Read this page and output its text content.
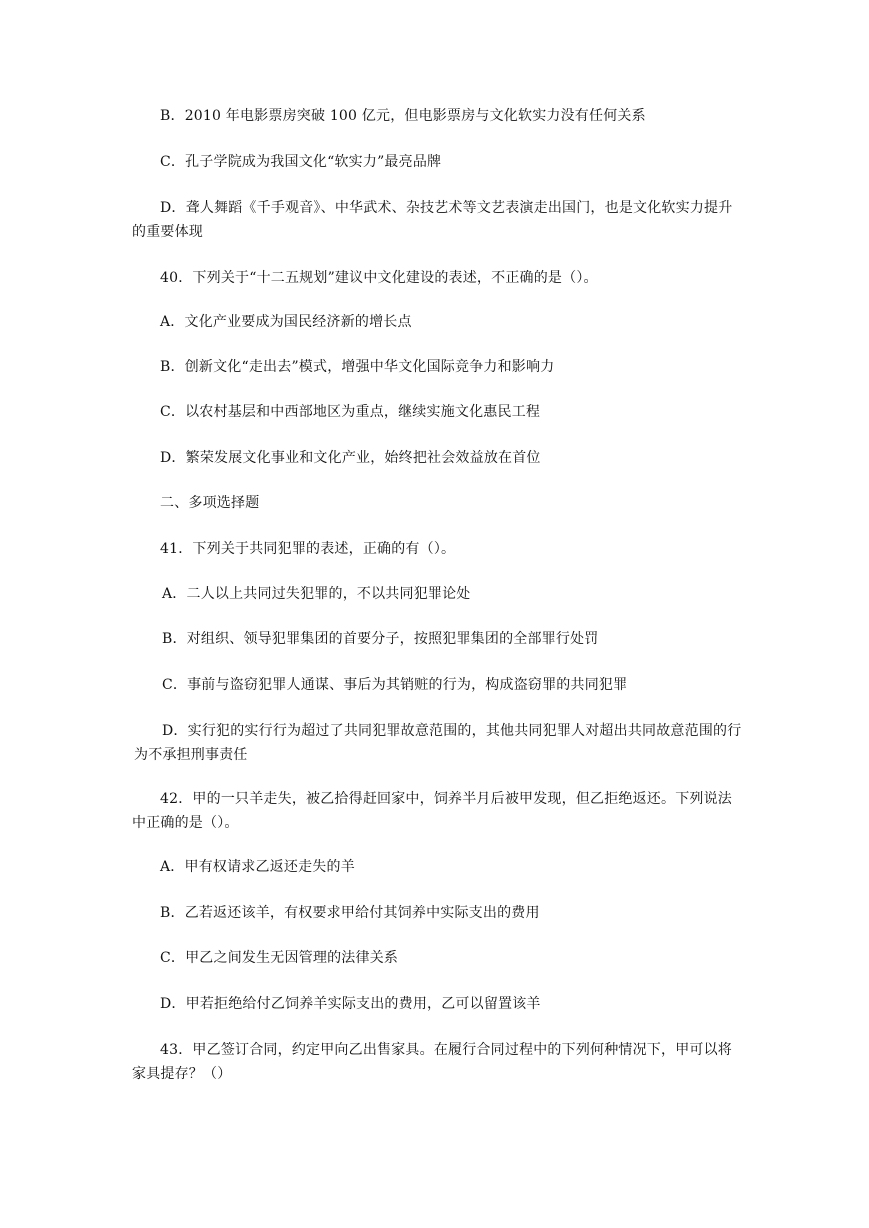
B．2010 年电影票房突破 100 亿元，但电影票房与文化软实力没有任何关系

C．孔子学院成为我国文化“软实力”最亮品牌

D．聋人舞蹈《千手观音》、中华武术、杂技艺术等文艺表演走出国门，也是文化软实力提升的重要体现

40．下列关于“十二五规划”建议中文化建设的表述，不正确的是（）。

A．文化产业要成为国民经济新的增长点

B．创新文化“走出去”模式，增强中华文化国际竞争力和影响力

C．以农村基层和中西部地区为重点，继续实施文化惠民工程

D．繁荣发展文化事业和文化产业，始终把社会效益放在首位

二、多项选择题

41．下列关于共同犯罪的表述，正确的有（）。

A．二人以上共同过失犯罪的，不以共同犯罪论处

B．对组织、领导犯罪集团的首要分子，按照犯罪集团的全部罪行处罚

C．事前与盗窃犯罪人通谋、事后为其销赃的行为，构成盗窃罪的共同犯罪

D．实行犯的实行行为超过了共同犯罪故意范围的，其他共同犯罪人对超出共同故意范围的行为不承担刑事责任

42．甲的一只羊走失，被乙拾得赶回家中，饲养半月后被甲发现，但乙拒绝返还。下列说法中正确的是（）。

A．甲有权请求乙返还走失的羊

B．乙若返还该羊，有权要求甲给付其饲养中实际支出的费用

C．甲乙之间发生无因管理的法律关系

D．甲若拒绝给付乙饲养羊实际支出的费用，乙可以留置该羊

43．甲乙签订合同，约定甲向乙出售家具。在履行合同过程中的下列何种情况下，甲可以将家具提存？（）
